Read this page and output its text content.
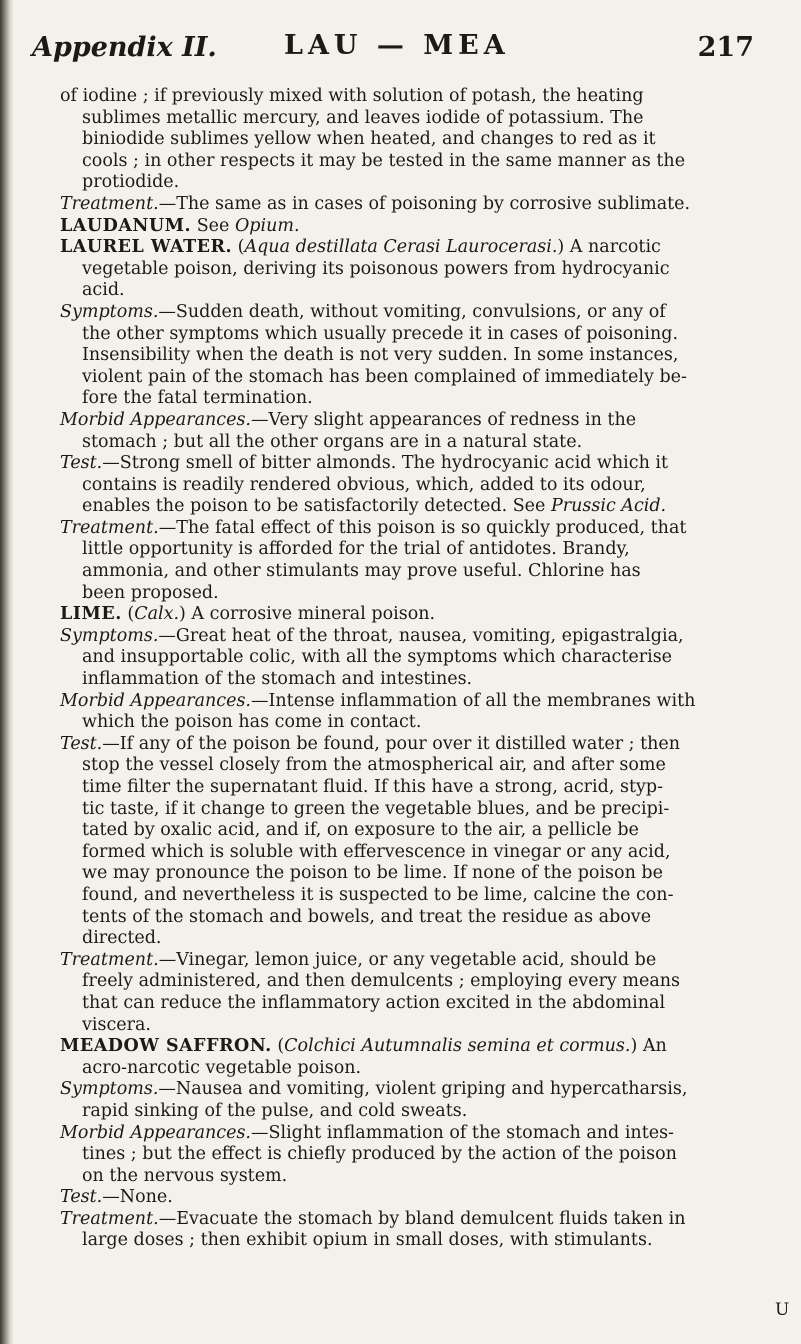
Appendix II. LAU — MEA	217
of iodine ; if previously mixed with solution of potash, the heating
sublimes metallic mercury, and leaves iodide of potassium. The
biniodide sublimes yellow when heated, and changes to red as it
cools ; in other respects it may be tested in the same manner as the
protiodide.
Treatment.—The same as in cases of poisoning by corrosive sublimate.
LAUDANUM. See Opium.
LAUREL WATER. (Aqua destillata Cerasi Laurocerasi.) A narcotic
vegetable poison, deriving its poisonous powers from hydrocyanic
acid.
Symptoms.—Sudden death, without vomiting, convulsions, or any of
the other symptoms which usually precede it in cases of poisoning.
Insensibility when the death is not very sudden. In some instances,
violent pain of the stomach has been complained of immediately be-
fore the fatal termination.
Morbid Appearances.—Very slight appearances of redness in the
stomach ; but all the other organs are in a natural state.
Test.—Strong smell of bitter almonds. The hydrocyanic acid which it
contains is readily rendered obvious, which, added to its odour,
enables the poison to be satisfactorily detected. See Prussic Acid.
Treatment.—The fatal effect of this poison is so quickly produced, that
little opportunity is afforded for the trial of antidotes. Brandy,
ammonia, and other stimulants may prove useful. Chlorine has
been proposed.
LIME. (Calx.) A corrosive mineral poison.
Symptoms.—Great heat of the throat, nausea, vomiting, epigastralgia,
and insupportable colic, with all the symptoms which characterise
inflammation of the stomach and intestines.
Morbid Appearances.—Intense inflammation of all the membranes with
which the poison has come in contact.
Test.—If any of the poison be found, pour over it distilled water ; then
stop the vessel closely from the atmospherical air, and after some
time filter the supernatant fluid. If this have a strong, acrid, styp-
tic taste, if it change to green the vegetable blues, and be precipi-
tated by oxalic acid, and if, on exposure to the air, a pellicle be
formed which is soluble with effervescence in vinegar or any acid,
we may pronounce the poison to be lime. If none of the poison be
found, and nevertheless it is suspected to be lime, calcine the con-
tents of the stomach and bowels, and treat the residue as above
directed.
Treatment.—Vinegar, lemon juice, or any vegetable acid, should be
freely administered, and then demulcents ; employing every means
that can reduce the inflammatory action excited in the abdominal
viscera.
MEADOW SAFFRON. (Colchici Autumnalis semina et cormus.) An
acro-narcotic vegetable poison.
Symptoms.—Nausea and vomiting, violent griping and hypercatharsis,
rapid sinking of the pulse, and cold sweats.
Morbid Appearances.—Slight inflammation of the stomach and intes-
tines ; but the effect is chiefly produced by the action of the poison
on the nervous system.
Test.—None.
Treatment.—Evacuate the stomach by bland demulcent fluids taken in
large doses ; then exhibit opium in small doses, with stimulants.
U
